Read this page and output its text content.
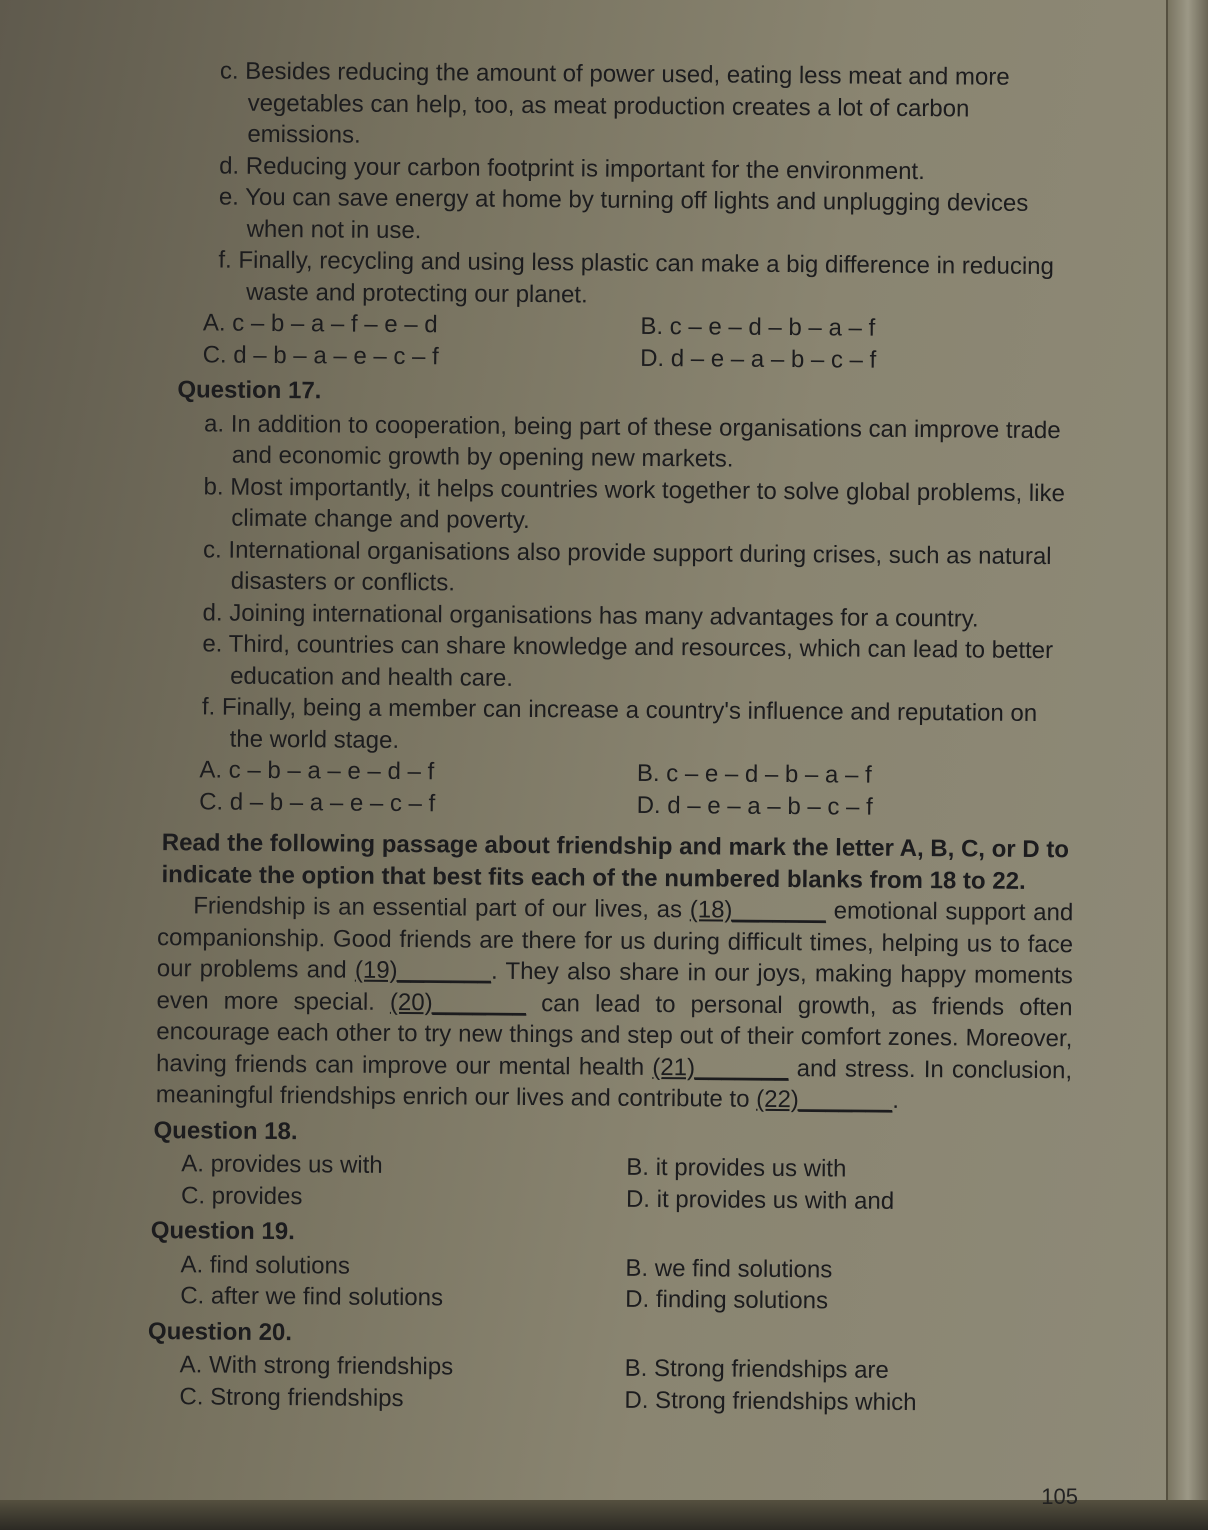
c. Besides reducing the amount of power used, eating less meat and more vegetables can help, too, as meat production creates a lot of carbon emissions.

d. Reducing your carbon footprint is important for the environment.

e. You can save energy at home by turning off lights and unplugging devices when not in use.

f. Finally, recycling and using less plastic can make a big difference in reducing waste and protecting our planet.

A. c – b – a – f – e – d	B. c – e – d – b – a – f
C. d – b – a – e – c – f	D. d – e – a – b – c – f
Question 17.

a. In addition to cooperation, being part of these organisations can improve trade and economic growth by opening new markets.

b. Most importantly, it helps countries work together to solve global problems, like climate change and poverty.

c. International organisations also provide support during crises, such as natural disasters or conflicts.

d. Joining international organisations has many advantages for a country.

e. Third, countries can share knowledge and resources, which can lead to better education and health care.

f. Finally, being a member can increase a country's influence and reputation on the world stage.

A. c – b – a – e – d – f	B. c – e – d – b – a – f
C. d – b – a – e – c – f	D. d – e – a – b – c – f
Read the following passage about friendship and mark the letter A, B, C, or D to indicate the option that best fits each of the numbered blanks from 18 to 22.

Friendship is an essential part of our lives, as (18)_______ emotional support and companionship. Good friends are there for us during difficult times, helping us to face our problems and (19)_______. They also share in our joys, making happy moments even more special. (20)_______ can lead to personal growth, as friends often encourage each other to try new things and step out of their comfort zones. Moreover, having friends can improve our mental health (21)_______ and stress. In conclusion, meaningful friendships enrich our lives and contribute to (22)_______.

Question 18.
A. provides us with	B. it provides us with
C. provides	D. it provides us with and
Question 19.
A. find solutions	B. we find solutions
C. after we find solutions	D. finding solutions
Question 20.
A. With strong friendships	B. Strong friendships are
C. Strong friendships	D. Strong friendships which
105
